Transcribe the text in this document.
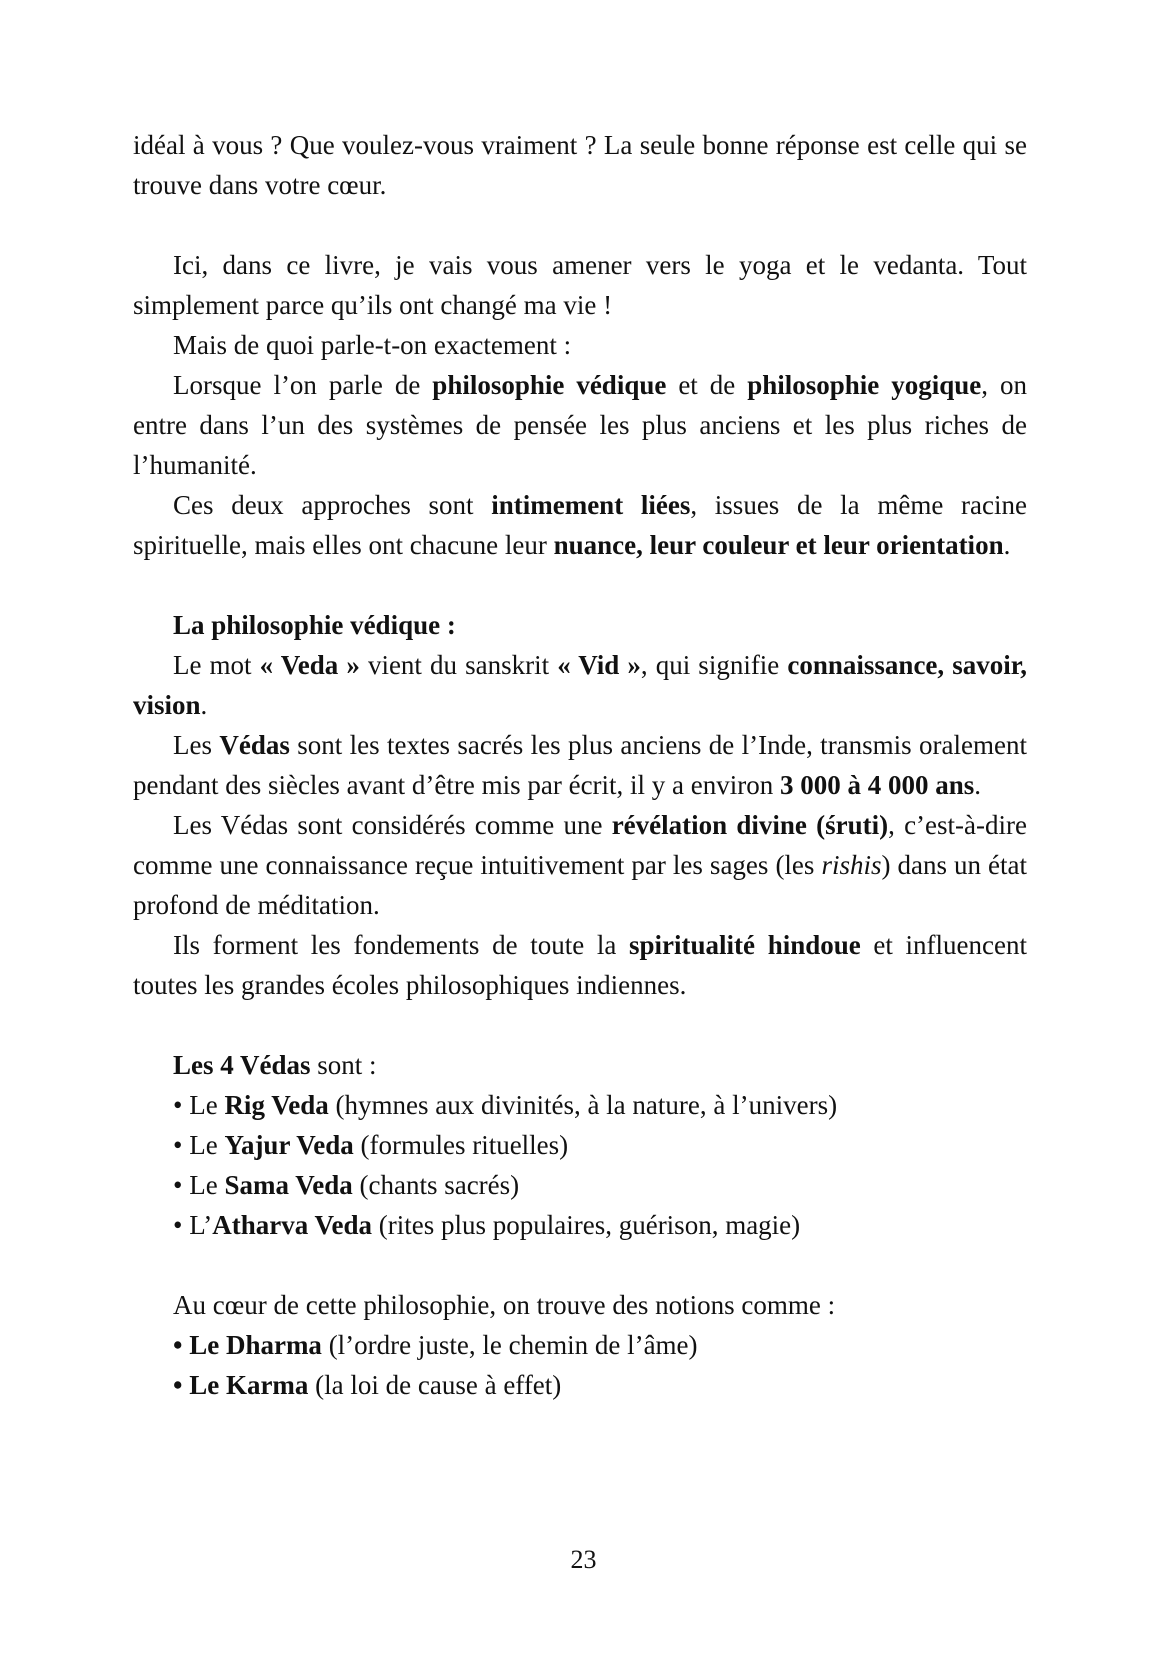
idéal à vous ? Que voulez-vous vraiment ? La seule bonne réponse est celle qui se trouve dans votre cœur.

Ici, dans ce livre, je vais vous amener vers le yoga et le vedanta. Tout simplement parce qu’ils ont changé ma vie !

Mais de quoi parle-t-on exactement :

Lorsque l’on parle de philosophie védique et de philosophie yogique, on entre dans l’un des systèmes de pensée les plus anciens et les plus riches de l’humanité.

Ces deux approches sont intimement liées, issues de la même racine spirituelle, mais elles ont chacune leur nuance, leur couleur et leur orientation.

La philosophie védique :

Le mot « Veda » vient du sanskrit « Vid », qui signifie connaissance, savoir, vision.

Les Védas sont les textes sacrés les plus anciens de l’Inde, transmis oralement pendant des siècles avant d’être mis par écrit, il y a environ 3 000 à 4 000 ans.

Les Védas sont considérés comme une révélation divine (śruti), c’est-à-dire comme une connaissance reçue intuitivement par les sages (les rishis) dans un état profond de méditation.

Ils forment les fondements de toute la spiritualité hindoue et influencent toutes les grandes écoles philosophiques indiennes.

Les 4 Védas sont :

• Le Rig Veda (hymnes aux divinités, à la nature, à l’univers)

• Le Yajur Veda (formules rituelles)

• Le Sama Veda (chants sacrés)

• L’Atharva Veda (rites plus populaires, guérison, magie)

Au cœur de cette philosophie, on trouve des notions comme :

• Le Dharma (l’ordre juste, le chemin de l’âme)

• Le Karma (la loi de cause à effet)

23
